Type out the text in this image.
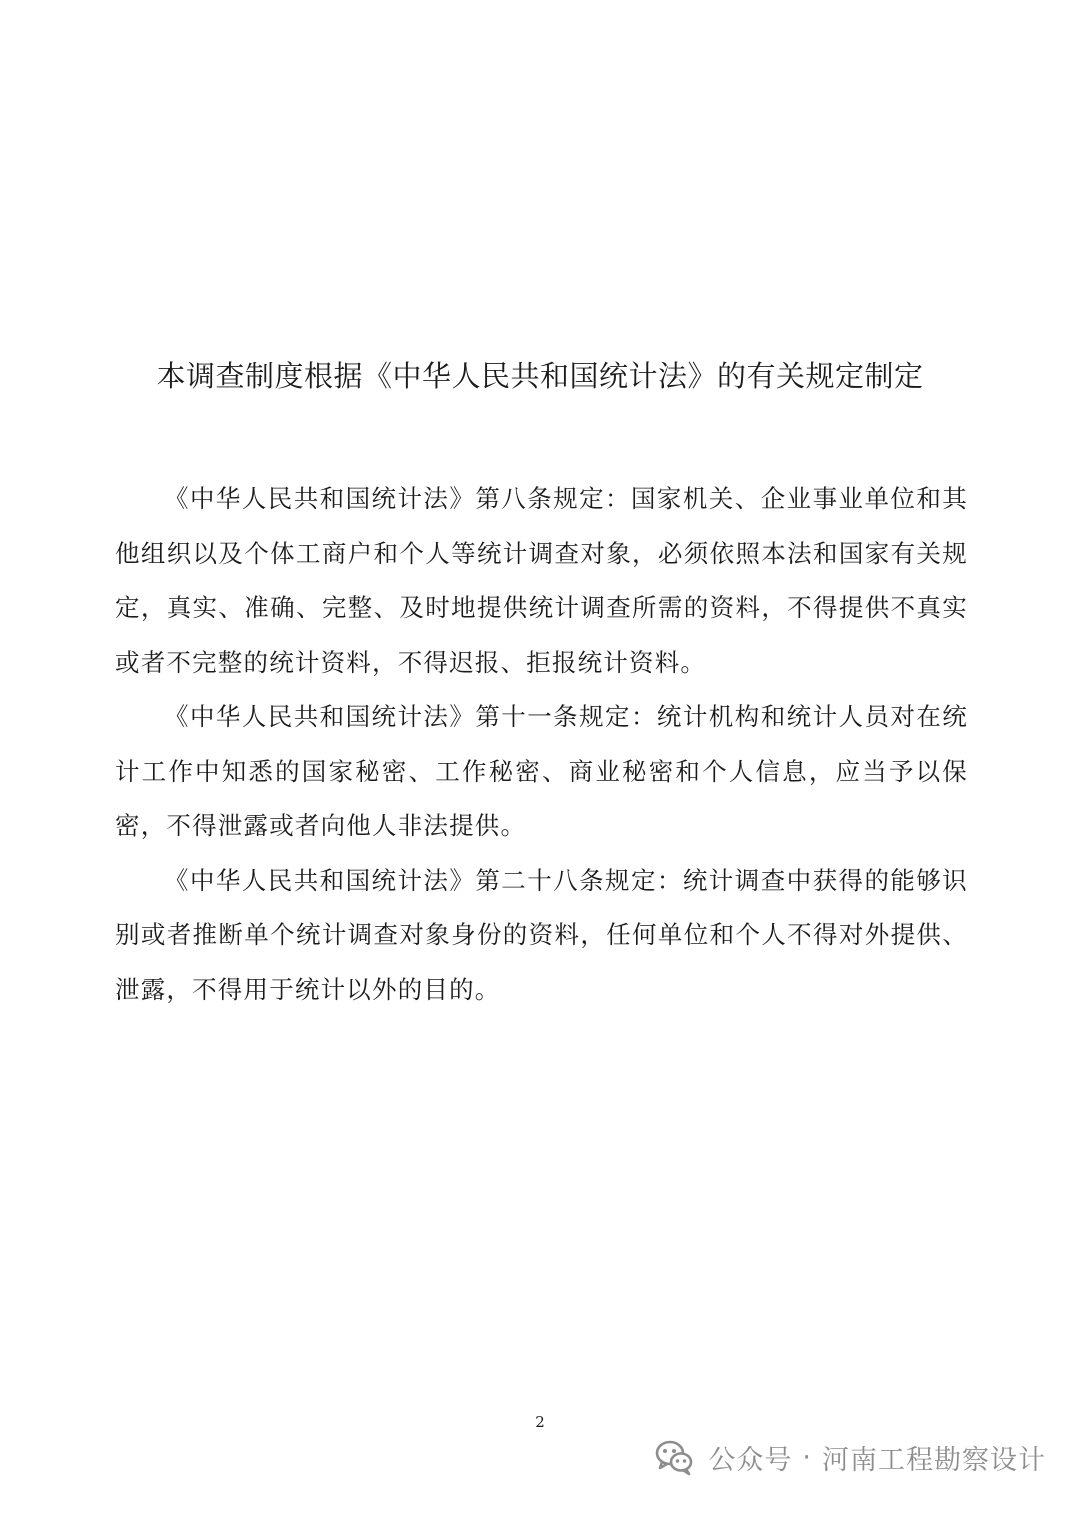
本调查制度根据《中华人民共和国统计法》的有关规定制定

《中华人民共和国统计法》第八条规定：国家机关、企业事业单位和其他组织以及个体工商户和个人等统计调查对象，必须依照本法和国家有关规定，真实、准确、完整、及时地提供统计调查所需的资料，不得提供不真实或者不完整的统计资料，不得迟报、拒报统计资料。

《中华人民共和国统计法》第十一条规定：统计机构和统计人员对在统计工作中知悉的国家秘密、工作秘密、商业秘密和个人信息，应当予以保密，不得泄露或者向他人非法提供。

《中华人民共和国统计法》第二十八条规定：统计调查中获得的能够识别或者推断单个统计调查对象身份的资料，任何单位和个人不得对外提供、泄露，不得用于统计以外的目的。

2
公众号 · 河南工程勘察设计
